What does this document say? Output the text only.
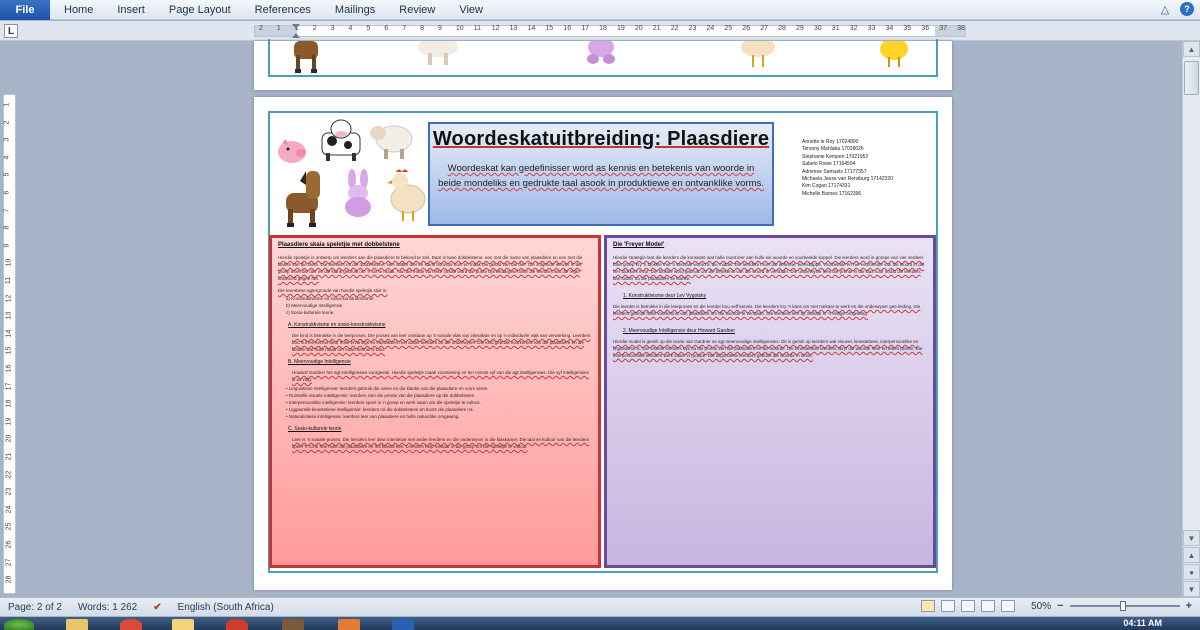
File	Home	Insert	Page Layout	References	Mailings	Review	View	△	?
L	2 1 1 2 3 4 5 6 7 8 9 10 11 12 13 14 15 16 17 18 19 20 21 22 23 24 25 26 27 28 29 30 31 32 33 34 35 36 37 38
1
2
3
4
5
6
7
8
9
10
11
12
13
14
15
16
17
18
19
20
21
22
23
24
25
26
27
28
Woordeskatuitbreiding: Plaasdiere
Woordeskat kan gedefinisser word as kennis en betekenis van woorde in beide mondeliks en gedrukte taal asook in produktiewe en ontvanklike vorms.
Annette le Roy 17024800
Tersony Mahlaba 17028026
Stephanie Kempen 17021952
Sabelo Rowe 17164594
Adrienne Samuels 17177357
Michaela Janse van Rensburg 17142320
Kim Cogan 17174331
Michelle Barnes 17162396
Plaasdiere skaia speletjie met dobbelstene

Hierdie speletjie is ontwerp om leerders aan die plaasdiere te bekend te stel. Daar is twee dobbelstene, een met die name van plaasdiere en een met die klanke van die diere. Die leerders rol die dobbelstene, sien watter dier en klank boontoe kom en maak die geluid van die dier. Die volgende leerder in die groep moet die dier en die klank gebruik om 'n sin te maak. Aan die einde van elke rondte word die punte bymekaargetel deur die leerders wat die regte antwoord gegee het.

Die teoretiese agtergronde van hierdie speletjie sluit in:

a) Konstruktivisme en sosio-konstruktivisme
b) Meervoudige Intelligensie
c) Sosio-kulturele teorie
A. Konstruktivisme en sosio-konstruktivisme

Die kind is betrokke in die leerproses. Die proses van leer ontstaan op 'n sosiale vlak van interaksie en op 'n individuele vlak van verwerking. Leerders bou hul eie kennis deur hulle ervarings en interaksies met ander leerders en die onderwyser. Die kind gebruik voorkennis van die plaasdiere en die klanke wat hulle maak om nuwe kennis te bou.

B. Meervoudige Intelligensie

Howard Gardner het agt intelligensies voorgestel. Hierdie speletjie maak voorsiening vir ten minste vyf van die agt intelligensies. Die vyf intelligensies is as volg:

• Linguistiese intelligensie: leerders gebruik die name en die klanke van die plaasdiere en vorm sinne.
• Ruimtelik-visuele intelligensie: leerders sien die prente van die plaasdiere op die dobbelsteen.
• Interpersoonlike intelligensie: leerders speel in 'n groep en werk saam om die speletjie te voltooi.
• Liggaamlik-kinestetiese intelligensie: leerders rol die dobbelsteen en boots die plaasdiere na.
• Naturalistiese intelligensie: leerders leer van plaasdiere en hulle natuurlike omgewing.
C. Sosio-kulturele teorie

Leer is 'n sosiale proses. Die leerders leer deur interaksie met ander leerders en die onderwyser in die klaskamer. Die taal en kultuur van die leerders speel 'n rol in hoe hulle die plaasdiere en hul klanke ken. Leerders help mekaar in die groep om die speletjie te voltooi.

Die 'Freyer Model'

Hierdie strategie laat die leerders die konsepte wat hulle moet leer aan hulle eie woorde en voorbeelde koppel. Die leerders word in groepe van vier verdeel. Elke groep kry 'n blokkie met 'n sentrale woord in die middel. Die leerders moet die definisie, eienskappe, voorbeelde en nie-voorbeelde van die woord in die vier blokkies invul. Die blokkie word gebruik om die betekenis van die woord te verstaan. Die onderwyser lees die prente in die klas voor sodat die leerders kan luister na die plaasdiere se klanke.

1. Konstruktivisme deur Lev Vygotsky

Die leerder is betrokke in die leerproses en die leerder bou self kennis. Die leerders kry 'n kans om met mekaar te werk en die onderwyser gee leiding. Die leerders gebruik hulle voorkennis van plaasdiere om die woorde te verstaan. Die leerders leer by mekaar in 'n veilige omgewing.

2. Meervoudige Intelligensie deur Howard Gardner

Hierdie model is gemik op die teorie van Gardner se agt meervoudige intelligensies. Dit is gemik op leerders wat visueel, kinestetiese, interpersoonlike en linguistiese is. Die visuele leerders kyk na die prente van die plaasdiere en die woorde. Die kinestetiese leerders skryf die woorde neer en teken prente. Die interpersoonlike leerders werk saam in groepe. Die linguistiese leerders gebruik die woorde in sinne.

▲
▼
▲
●
▼
Page: 2 of 2	Words: 1 262	✔	English (South Africa)	50% −	+
04:11 AM
